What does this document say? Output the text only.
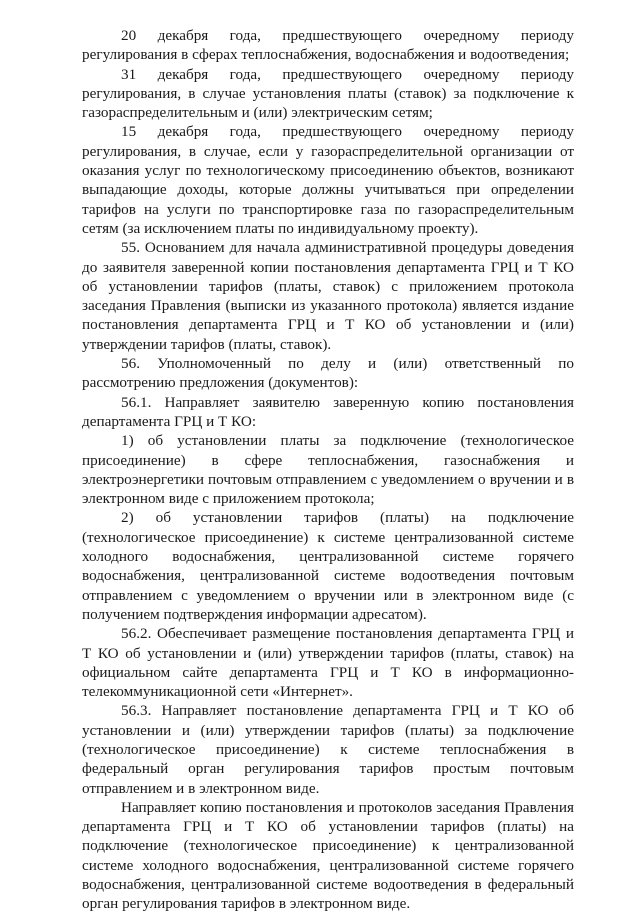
20 декабря года, предшествующего очередному периоду регулирования в сферах теплоснабжения, водоснабжения и водоотведения;

31 декабря года, предшествующего очередному периоду регулирования, в случае установления платы (ставок) за подключение к газораспределительным и (или) электрическим сетям;

15 декабря года, предшествующего очередному периоду регулирования, в случае, если у газораспределительной организации от оказания услуг по технологическому присоединению объектов, возникают выпадающие доходы, которые должны учитываться при определении тарифов на услуги по транспортировке газа по газораспределительным сетям (за исключением платы по индивидуальному проекту).

55. Основанием для начала административной процедуры доведения до заявителя заверенной копии постановления департамента ГРЦ и Т КО об установлении тарифов (платы, ставок) с приложением протокола заседания Правления (выписки из указанного протокола) является издание постановления департамента ГРЦ и Т КО об установлении и (или) утверждении тарифов (платы, ставок).

56. Уполномоченный по делу и (или) ответственный по рассмотрению предложения (документов):

56.1. Направляет заявителю заверенную копию постановления департамента ГРЦ и Т КО:

1) об установлении платы за подключение (технологическое присоединение) в сфере теплоснабжения, газоснабжения и электроэнергетики почтовым отправлением с уведомлением о вручении и в электронном виде с приложением протокола;

2) об установлении тарифов (платы) на подключение (технологическое присоединение) к системе централизованной системе холодного водоснабжения, централизованной системе горячего водоснабжения, централизованной системе водоотведения почтовым отправлением с уведомлением о вручении или в электронном виде (с получением подтверждения информации адресатом).

56.2. Обеспечивает размещение постановления департамента ГРЦ и Т КО об установлении и (или) утверждении тарифов (платы, ставок) на официальном сайте департамента ГРЦ и Т КО в информационно-телекоммуникационной сети «Интернет».

56.3. Направляет постановление департамента ГРЦ и Т КО об установлении и (или) утверждении тарифов (платы) за подключение (технологическое присоединение) к системе теплоснабжения в федеральный орган регулирования тарифов простым почтовым отправлением и в электронном виде.

Направляет копию постановления и протоколов заседания Правления департамента ГРЦ и Т КО об установлении тарифов (платы) на подключение (технологическое присоединение) к централизованной системе холодного водоснабжения, централизованной системе горячего водоснабжения, централизованной системе водоотведения в федеральный орган регулирования тарифов в электронном виде.
